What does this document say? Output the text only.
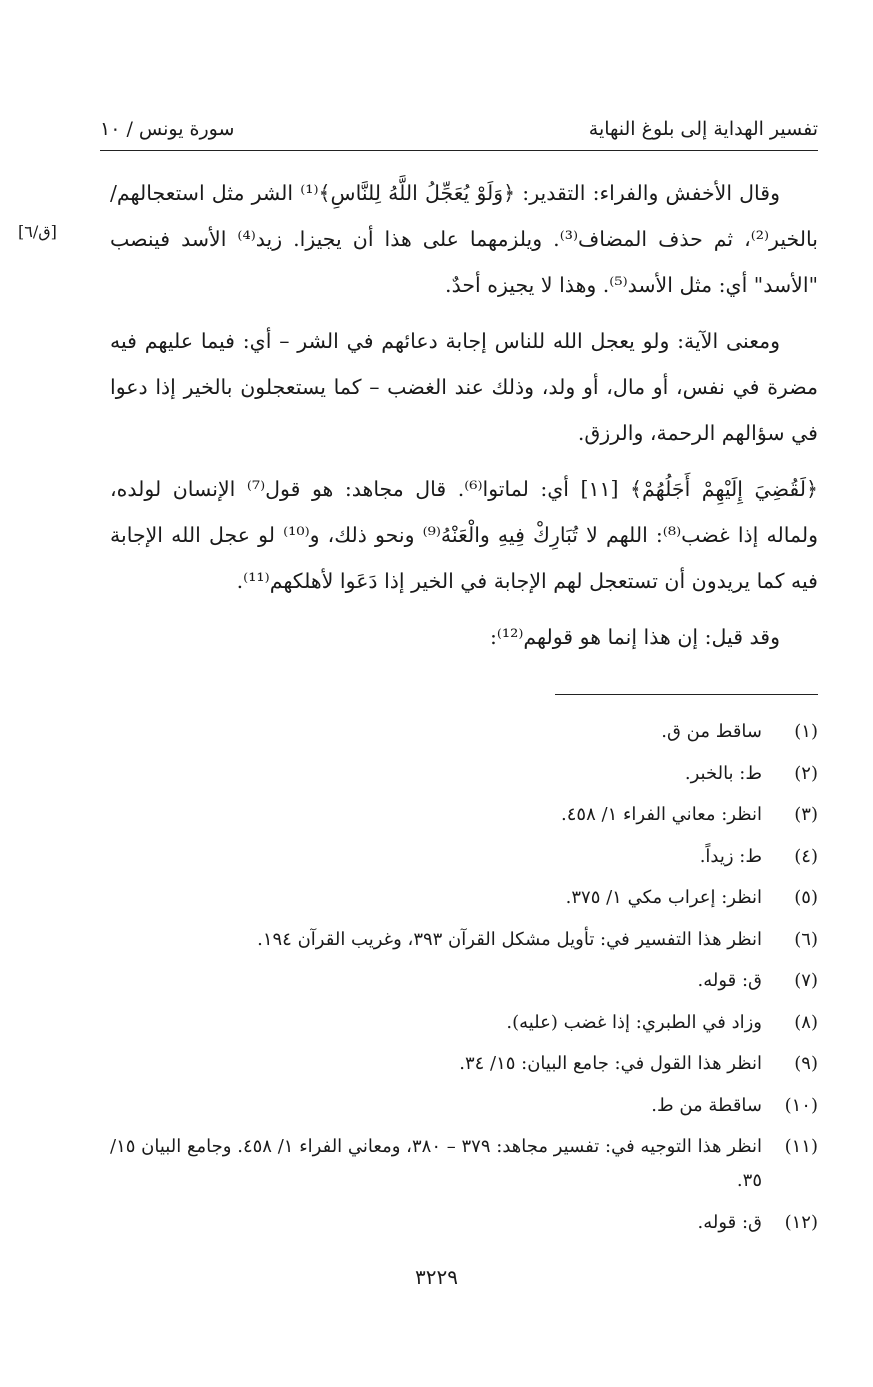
تفسير الهداية إلى بلوغ النهاية
سورة يونس / ١٠
[ق/٦]

وقال الأخفش والفراء: التقدير: ﴿وَلَوْ يُعَجِّلُ اللَّهُ لِلنَّاسِ﴾⁽¹⁾ الشر مثل استعجالهم/ بالخير⁽²⁾، ثم حذف المضاف⁽³⁾. ويلزمهما على هذا أن يجيزا. زيد⁽⁴⁾ الأسد فينصب "الأسد" أي: مثل الأسد⁽⁵⁾. وهذا لا يجيزه أحدٌ.

ومعنى الآية: ولو يعجل الله للناس إجابة دعائهم في الشر – أي: فيما عليهم فيه مضرة في نفس، أو مال، أو ولد، وذلك عند الغضب – كما يستعجلون بالخير إذا دعوا في سؤالهم الرحمة، والرزق.

﴿لَقُضِيَ إِلَيْهِمْ أَجَلُهُمْ﴾ [١١] أي: لماتوا⁽⁶⁾. قال مجاهد: هو قول⁽⁷⁾ الإنسان لولده، ولماله إذا غضب⁽⁸⁾: اللهم لا تُبَارِكْ فِيهِ والْعَنْهُ⁽⁹⁾ ونحو ذلك، و⁽¹⁰⁾ لو عجل الله الإجابة فيه كما يريدون أن تستعجل لهم الإجابة في الخير إذا دَعَوا لأهلكهم⁽¹¹⁾.

وقد قيل: إن هذا إنما هو قولهم⁽¹²⁾:

(١)
ساقط من ق.
(٢)
ط: بالخبر.
(٣)
انظر: معاني الفراء ١/ ٤٥٨.
(٤)
ط: زيداً.
(٥)
انظر: إعراب مكي ١/ ٣٧٥.
(٦)
انظر هذا التفسير في: تأويل مشكل القرآن ٣٩٣، وغريب القرآن ١٩٤.
(٧)
ق: قوله.
(٨)
وزاد في الطبري: إذا غضب (عليه).
(٩)
انظر هذا القول في: جامع البيان: ١٥/ ٣٤.
(١٠)
ساقطة من ط.
(١١)
انظر هذا التوجيه في: تفسير مجاهد: ٣٧٩ – ٣٨٠، ومعاني الفراء ١/ ٤٥٨. وجامع البيان ١٥/ ٣٥.
(١٢)
ق: قوله.
٣٢٢٩
